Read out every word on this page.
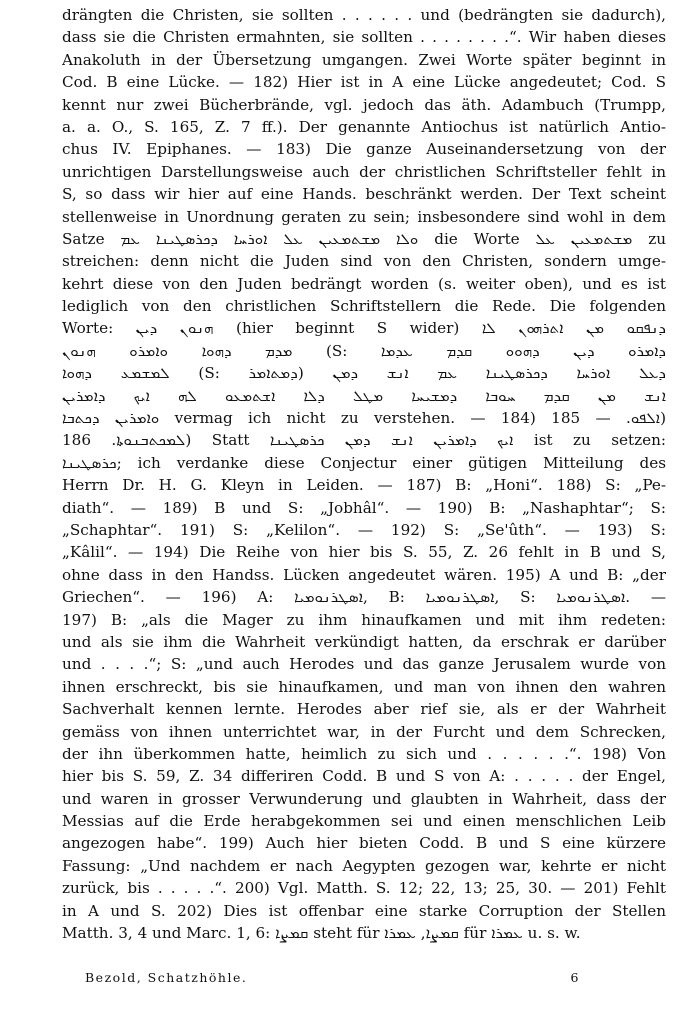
drängten die Christen, sie sollten . . . . . . und (bedrängten sie dadurch),
dass sie die Christen ermahnten, sie sollten . . . . . . . .“. Wir haben dieses
Anakoluth in der Übersetzung umgangen. Zwei Worte später beginnt in
Cod. B eine Lücke. — 182) Hier ist in A eine Lücke angedeutet; Cod. S
kennt nur zwei Bücherbrände, vgl. jedoch das äth. Adambuch (Trumpp,
a. a. O., S. 165, Z. 7 ff.). Der genannte Antiochus ist natürlich Antio-
chus IV. Epiphanes. — 183) Die ganze Auseinandersetzung von der
unrichtigen Darstellungsweise auch der christlichen Schriftsteller fehlt in
S, so dass wir hier auf eine Hands. beschränkt werden. Der Text scheint
stellenweise in Unordnung geraten zu sein; insbesondere sind wohl in dem
Satze ܘܠܐ ܡܫܬܡܥܝܢ ܥܠ ܐܘܪܚܐ ܕܟܪܣܛܝܢܐ ܥܡ die Worte ܡܫܬܡܥܝܢ ܥܠ zu
streichen: denn nicht die Juden sind von den Christen, sondern umge-
kehrt diese von den Juden bedrängt worden (s. weiter oben), und es ist
lediglich von den christlichen Schriftstellern die Rede. Die folgenden
Worte: ܗܢܘܢ ܕܝܢ (hier beginnt S wider) ܕܢܦܩܘ ܡܢ ܐܬܪܗܘܢ ܠܐ
ܡܕܡ ܕܗܘܐ ܘܐܡܪܘ ܗܢܘܢ (S: ܕܐܡܪܘ ܕܝܢ ܕܗܘܘ ܩܕܡ ܥܕܡܐ
ܠܡܫܡܥ ܕܗܘܐ (S: ܕܡܬܐܡܪ) ܕܥܠ ܐܘܪܚܐ ܕܟܪܣܛܝܢܐ ܥܡ ܐܢܫ ܕܡܢ
ܐܢܫ ܡܢ ܩܕܡ ܚܘܒܐ ܕܡܫܝܚܐ ܡܛܠ ܕܠܐ ܐܫܬܡܥܘ ܠܗ ܐܝܟ ܕܐܡܪܝܢ
ܘܐܡܪܝܢ ܕܟܬܒܐ vermag ich nicht zu verstehen. — 184) ܐܠܦܘ. — 185)
ܠܡܟܬܒܢܘܬܐ. 186) Statt ܐܝܟ ܕܐܡܪܝܢ ܐܢܫ ܕܡܢ ܟܪܣܛܝܢܐ ist zu setzen:
ܟܪܣܛܝܢܐ; ich verdanke diese Conjectur einer gütigen Mitteilung des
Herrn Dr. H. G. Kleyn in Leiden. — 187) B: „Honi“. 188) S: „Pe-
diath“. — 189) B und S: „Jobhâl“. — 190) B: „Nashaphtar“; S:
„Schaphtar“. 191) S: „Kelilon“. — 192) S: „Se'ûth“. — 193) S:
„Kâlil“. — 194) Die Reihe von hier bis S. 55, Z. 26 fehlt in B und S,
ohne dass in den Handss. Lücken angedeutet wären. 195) A und B: „der
Griechen“. — 196) A: ܐܣܛܪܢܘܡܝܐ, B: ܐܣܛܪܢܘܡܝܐ, S: ܐܣܛܪܢܘܡܝܐ. —
197) B: „als die Mager zu ihm hinaufkamen und mit ihm redeten:
und als sie ihm die Wahrheit verkündigt hatten, da erschrak er darüber
und . . . .“; S: „und auch Herodes und das ganze Jerusalem wurde von
ihnen erschreckt, bis sie hinaufkamen, und man von ihnen den wahren
Sachverhalt kennen lernte. Herodes aber rief sie, als er der Wahrheit
gemäss von ihnen unterrichtet war, in der Furcht und dem Schrecken,
der ihn überkommen hatte, heimlich zu sich und . . . . . .“. 198) Von
hier bis S. 59, Z. 34 differiren Codd. B und S von A: . . . . . der Engel,
und waren in grosser Verwunderung und glaubten in Wahrheit, dass der
Messias auf die Erde herabgekommen sei und einen menschlichen Leib
angezogen habe“. 199) Auch hier bieten Codd. B und S eine kürzere
Fassung: „Und nachdem er nach Aegypten gezogen war, kehrte er nicht
zurück, bis . . . . .“. 200) Vgl. Matth. S. 12; 22, 13; 25, 30. — 201) Fehlt
in A und S. 202) Dies ist offenbar eine starke Corruption der Stellen
Matth. 3, 4 und Marc. 1, 6: ܩܡܨܐ steht für ܩܡܨܐ, ܥܡܪܐ für ܥܡܪܐ u. s. w.
Bezold, Schatzhöhle.	6
